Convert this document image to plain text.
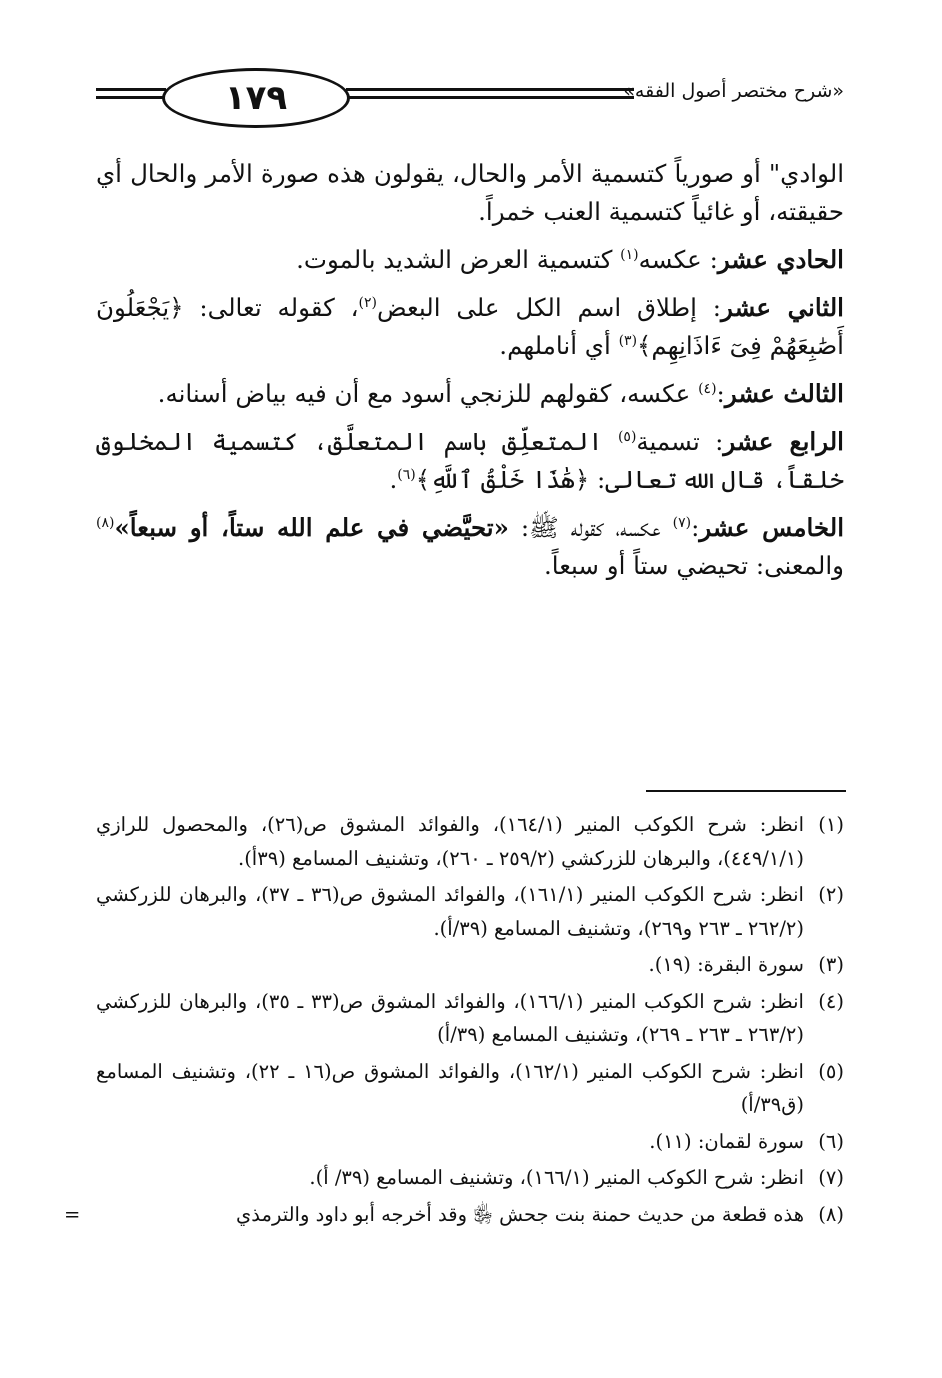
١٧٩	«شرح مختصر أصول الفقه»

الوادي" أو صورياً كتسمية الأمر والحال، يقولون هذه صورة الأمر والحال أي حقيقته، أو غائياً كتسمية العنب خمراً.

الحادي عشر: عكسه$^{(١)}$ كتسمية العرض الشديد بالموت.

الثاني عشر: إطلاق اسم الكل على البعض$^{(٢)}$، كقوله تعالى: ﴿يَجْعَلُونَ أَصَٰبِعَهُمْ فِىٓ ءَاذَانِهِم﴾$^{(٣)}$ أي أناملهم.

الثالث عشر:$^{(٤)}$ عكسه، كقولهم للزنجي أسود مع أن فيه بياض أسنانه.

الرابع عشر: تسمية$^{(٥)}$ المتعلِّق باسم المتعلَّق، كتسمية المخلوق خلقاً، قال الله تعالى: ﴿هَٰذَا خَلْقُ ٱللَّهِ﴾$^{(٦)}$.

الخامس عشر:$^{(٧)}$ عكسه، كقوله ﷺ: «تحيَّضي في علم الله ستاً، أو سبعاً»$^{(٨)}$ والمعنى: تحيضي ستاً أو سبعاً.

(١)
انظر: شرح الكوكب المنير (١٦٤/١)، والفوائد المشوق ص(٢٦)، والمحصول للرازي (٤٤٩/١/١)، والبرهان للزركشي (٢٥٩/٢ ـ ٢٦٠)، وتشنيف المسامع (٣٩أ).
(٢)
انظر: شرح الكوكب المنير (١٦١/١)، والفوائد المشوق ص(٣٦ ـ ٣٧)، والبرهان للزركشي (٢٦٢/٢ ـ ٢٦٣ و٢٦٩)، وتشنيف المسامع (٣٩/أ).
(٣)
سورة البقرة: (١٩).
(٤)
انظر: شرح الكوكب المنير (١٦٦/١)، والفوائد المشوق ص(٣٣ ـ ٣٥)، والبرهان للزركشي (٢٦٣/٢ ـ ٢٦٣ ـ ٢٦٩)، وتشنيف المسامع (٣٩/أ)
(٥)
انظر: شرح الكوكب المنير (١٦٢/١)، والفوائد المشوق ص(١٦ ـ ٢٢)، وتشنيف المسامع (ق٣٩/أ)
(٦)
سورة لقمان: (١١).
(٧)
انظر: شرح الكوكب المنير (١٦٦/١)، وتشنيف المسامع (٣٩/ أ).
(٨)
هذه قطعة من حديث حمنة بنت جحش ﵂ وقد أخرجه أبو داود والترمذي
=
